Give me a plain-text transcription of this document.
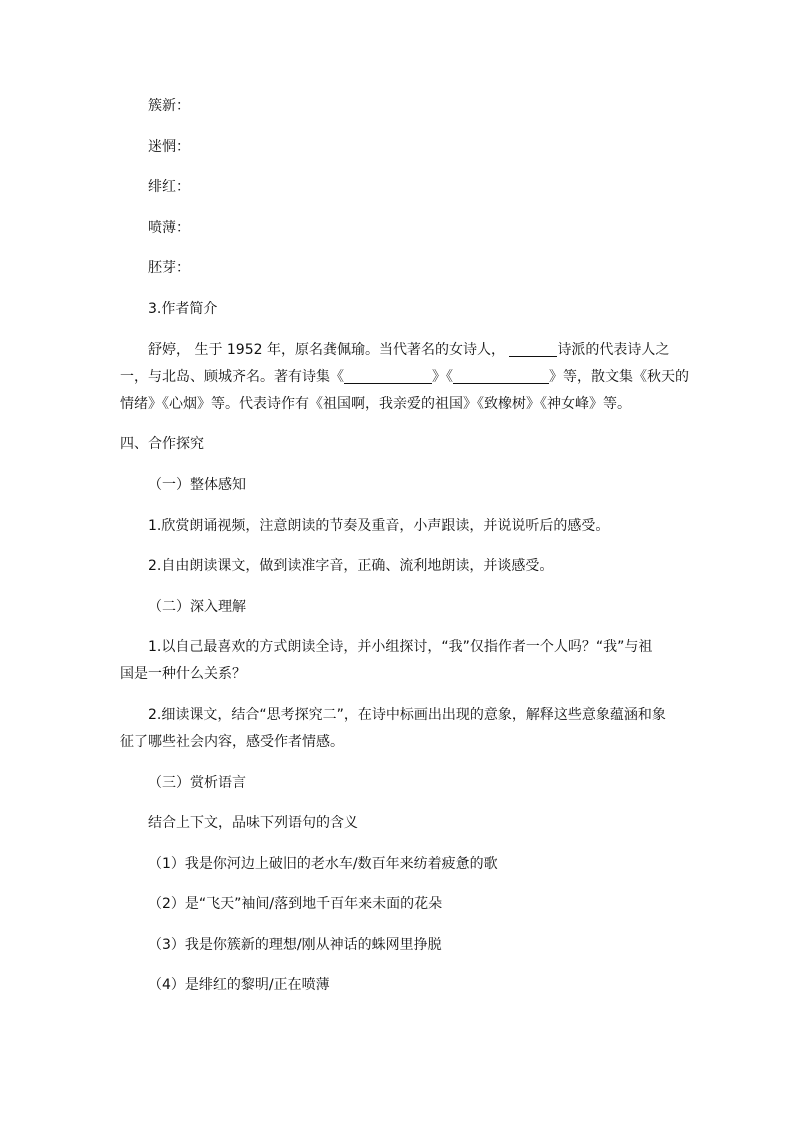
簇新：

迷惘：

绯红：

喷薄：

胚芽：

3.作者简介

舒婷， 生于 1952 年，原名龚佩瑜。当代著名的女诗人，	诗派的代表诗人之

一，与北岛、顾城齐名。著有诗集《	》《	》等，散文集《秋天的

情绪》《心烟》等。代表诗作有《祖国啊，我亲爱的祖国》《致橡树》《神女峰》等。

四、合作探究

（一）整体感知

1.欣赏朗诵视频，注意朗读的节奏及重音，小声跟读，并说说听后的感受。

2.自由朗读课文，做到读准字音，正确、流利地朗读，并谈感受。

（二）深入理解

1.以自己最喜欢的方式朗读全诗，并小组探讨，“我”仅指作者一个人吗？“我”与祖

国是一种什么关系？

2.细读课文，结合“思考探究二”，在诗中标画出出现的意象，解释这些意象蕴涵和象

征了哪些社会内容，感受作者情感。

（三）赏析语言

结合上下文，品味下列语句的含义

（1）我是你河边上破旧的老水车/数百年来纺着疲惫的歌

（2）是“飞天”袖间/落到地千百年来未面的花朵

（3）我是你簇新的理想/刚从神话的蛛网里挣脱

（4）是绯红的黎明/正在喷薄
